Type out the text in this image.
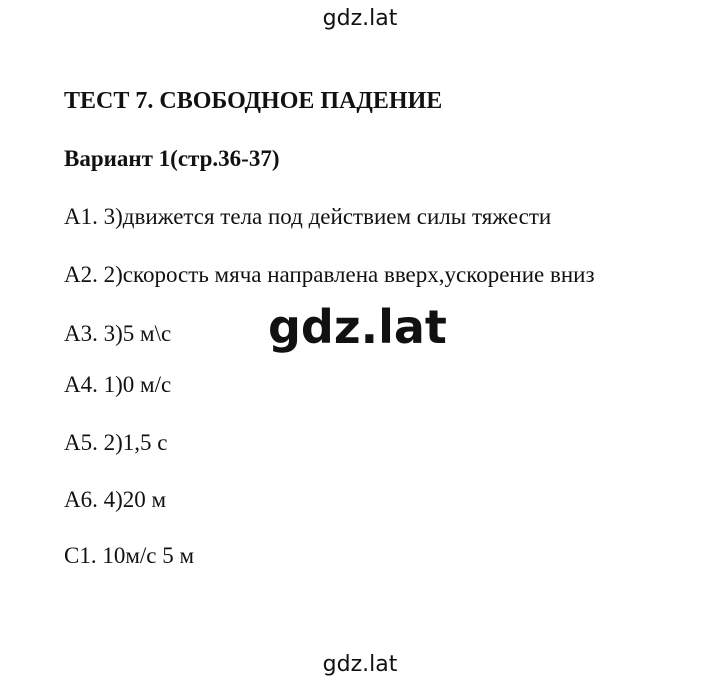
gdz.lat
ТЕСТ 7. СВОБОДНОЕ ПАДЕНИЕ
Вариант 1(стр.36-37)
А1. 3)движется тела под действием силы тяжести
А2. 2)скорость мяча направлена вверх,ускорение вниз
А3. 3)5 м\с
А4. 1)0 м/с
А5. 2)1,5 с
А6. 4)20 м
С1. 10м/с 5 м
gdz.lat
gdz.lat
